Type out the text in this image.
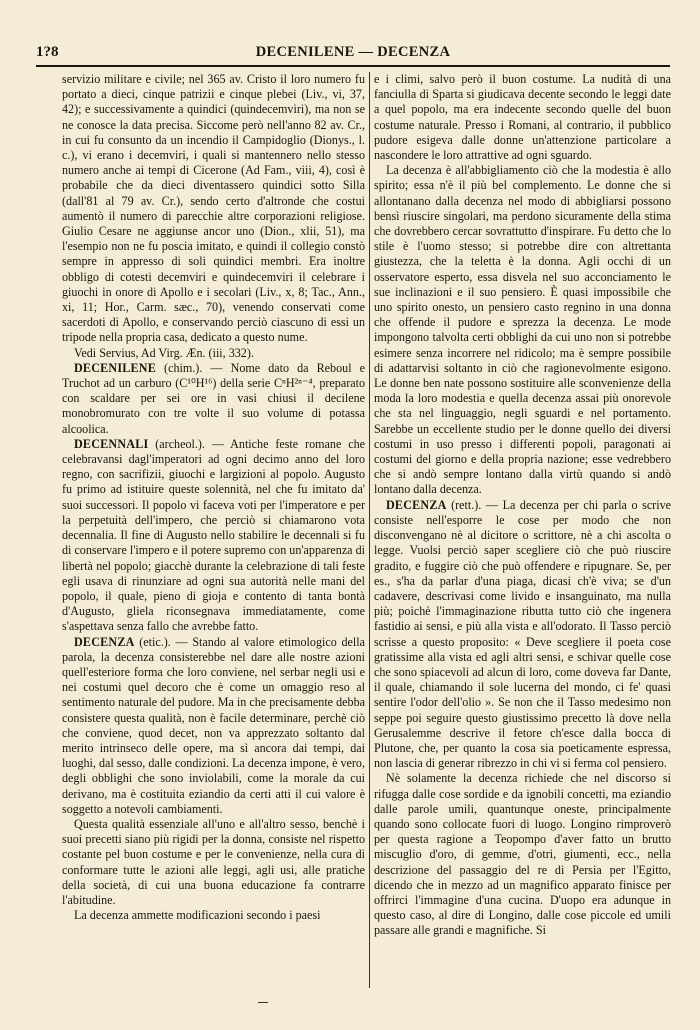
1?8	DECENILENE — DECENZA

servizio militare e civile; nel 365 av. Cristo il loro numero fu portato a dieci, cinque patrizii e cinque plebei (Liv., vi, 37, 42); e successivamente a quindici (quindecemviri), ma non se ne conosce la data precisa. Siccome però nell'anno 82 av. Cr., in cui fu consunto da un incendio il Campidoglio (Dionys., l. c.), vi erano i decemviri, i quali si mantennero nello stesso numero anche ai tempi di Cicerone (Ad Fam., viii, 4), così è probabile che da dieci diventassero quindici sotto Silla (dall'81 al 79 av. Cr.), sendo certo d'altronde che costui aumentò il numero di parecchie altre corporazioni religiose. Giulio Cesare ne aggiunse ancor uno (Dion., xlii, 51), ma l'esempio non ne fu poscia imitato, e quindi il collegio constò sempre in appresso di soli quindici membri. Era inoltre obbligo di cotesti decemviri e quindecemviri il celebrare i giuochi in onore di Apollo e i secolari (Liv., x, 8; Tac., Ann., xi, 11; Hor., Carm. sæc., 70), venendo conservati come sacerdoti di Apollo, e conservando perciò ciascuno di essi un tripode nella propria casa, dedicato a questo nume.

Vedi Servius, Ad Virg. Æn. (iii, 332).

DECENILENE (chim.). — Nome dato da Reboul e Truchot ad un carburo (C¹⁰H¹⁶) della serie CⁿH²ⁿ⁻⁴, preparato con scaldare per sei ore in vasi chiusi il decilene monobromurato con tre volte il suo volume di potassa alcoolica.

DECENNALI (archeol.). — Antiche feste romane che celebravansi dagl'imperatori ad ogni decimo anno del loro regno, con sacrifizii, giuochi e largizioni al popolo. Augusto fu primo ad istituire queste solennità, nel che fu imitato da' suoi successori. Il popolo vi faceva voti per l'imperatore e per la perpetuità dell'impero, che perciò si chiamarono vota decennalia. Il fine di Augusto nello stabilire le decennali si fu di conservare l'impero e il potere supremo con un'apparenza di libertà nel popolo; giacchè durante la celebrazione di tali feste egli usava di rinunziare ad ogni sua autorità nelle mani del popolo, il quale, pieno di gioja e contento di tanta bontà d'Augusto, gliela riconsegnava immediatamente, come s'aspettava senza fallo che avrebbe fatto.

DECENZA (etic.). — Stando al valore etimologico della parola, la decenza consisterebbe nel dare alle nostre azioni quell'esteriore forma che loro conviene, nel serbar negli usi e nei costumi quel decoro che è come un omaggio reso al sentimento naturale del pudore. Ma in che precisamente debba consistere questa qualità, non è facile determinare, perchè ciò che conviene, quod decet, non va apprezzato soltanto dal merito intrinseco delle opere, ma sì ancora dai tempi, dai luoghi, dal sesso, dalle condizioni. La decenza impone, è vero, degli obblighi che sono inviolabili, come la morale da cui derivano, ma è costituita eziandio da certi atti il cui valore è soggetto a notevoli cambiamenti.

Questa qualità essenziale all'uno e all'altro sesso, benchè i suoi precetti siano più rigidi per la donna, consiste nel rispetto costante pel buon costume e per le convenienze, nella cura di conformare tutte le azioni alle leggi, agli usi, alle pratiche della società, di cui una buona educazione fa contrarre l'abitudine.

La decenza ammette modificazioni secondo i paesi

e i climi, salvo però il buon costume. La nudità di una fanciulla di Sparta si giudicava decente secondo le leggi date a quel popolo, ma era indecente secondo quelle del buon costume naturale. Presso i Romani, al contrario, il pubblico pudore esigeva dalle donne un'attenzione particolare a nascondere le loro attrattive ad ogni sguardo.

La decenza è all'abbigliamento ciò che la modestia è allo spirito; essa n'è il più bel complemento. Le donne che si allontanano dalla decenza nel modo di abbigliarsi possono bensì riuscire singolari, ma perdono sicuramente della stima che dovrebbero cercar sovrattutto d'inspirare. Fu detto che lo stile è l'uomo stesso; si potrebbe dire con altrettanta giustezza, che la teletta è la donna. Agli occhi di un osservatore esperto, essa disvela nel suo acconciamento le sue inclinazioni e il suo pensiero. È quasi impossibile che uno spirito onesto, un pensiero casto regnino in una donna che offende il pudore e sprezza la decenza. Le mode impongono talvolta certi obblighi da cui uno non si potrebbe esimere senza incorrere nel ridicolo; ma è sempre possibile di adattarvisi soltanto in ciò che ragionevolmente esigono. Le donne ben nate possono sostituire alle sconvenienze della moda la loro modestia e quella decenza assai più onorevole che sta nel linguaggio, negli sguardi e nel portamento. Sarebbe un eccellente studio per le donne quello dei diversi costumi in uso presso i differenti popoli, paragonati ai costumi del giorno e della propria nazione; esse vedrebbero che si andò sempre lontano dalla virtù quando si andò lontano dalla decenza.

DECENZA (rett.). — La decenza per chi parla o scrive consiste nell'esporre le cose per modo che non disconvengano nè al dicitore o scrittore, nè a chi ascolta o legge. Vuolsi perciò saper scegliere ciò che può riuscire gradito, e fuggire ciò che può offendere e ripugnare. Se, per es., s'ha da parlar d'una piaga, dicasi ch'è viva; se d'un cadavere, descrivasi come livido e insanguinato, ma nulla più; poichè l'immaginazione ributta tutto ciò che ingenera fastidio ai sensi, e più alla vista e all'odorato. Il Tasso perciò scrisse a questo proposito: « Deve scegliere il poeta cose gratissime alla vista ed agli altri sensi, e schivar quelle cose che sono spiacevoli ad alcun di loro, come doveva far Dante, il quale, chiamando il sole lucerna del mondo, ci fe' quasi sentire l'odor dell'olio ». Se non che il Tasso medesimo non seppe poi seguire questo giustissimo precetto là dove nella Gerusalemme descrive il fetore ch'esce dalla bocca di Plutone, che, per quanto la cosa sia poeticamente espressa, non lascia di generar ribrezzo in chi vi si ferma col pensiero.

Nè solamente la decenza richiede che nel discorso si rifugga dalle cose sordide e da ignobili concetti, ma eziandio dalle parole umili, quantunque oneste, principalmente quando sono collocate fuori di luogo. Longino rimproverò per questa ragione a Teopompo d'aver fatto un brutto miscuglio d'oro, di gemme, d'otri, giumenti, ecc., nella descrizione del passaggio del re di Persia per l'Egitto, dicendo che in mezzo ad un magnifico apparato finisce per offrirci l'immagine d'una cucina. D'uopo era adunque in questo caso, al dire di Longino, dalle cose piccole ed umili passare alle grandi e magnifiche. Si
